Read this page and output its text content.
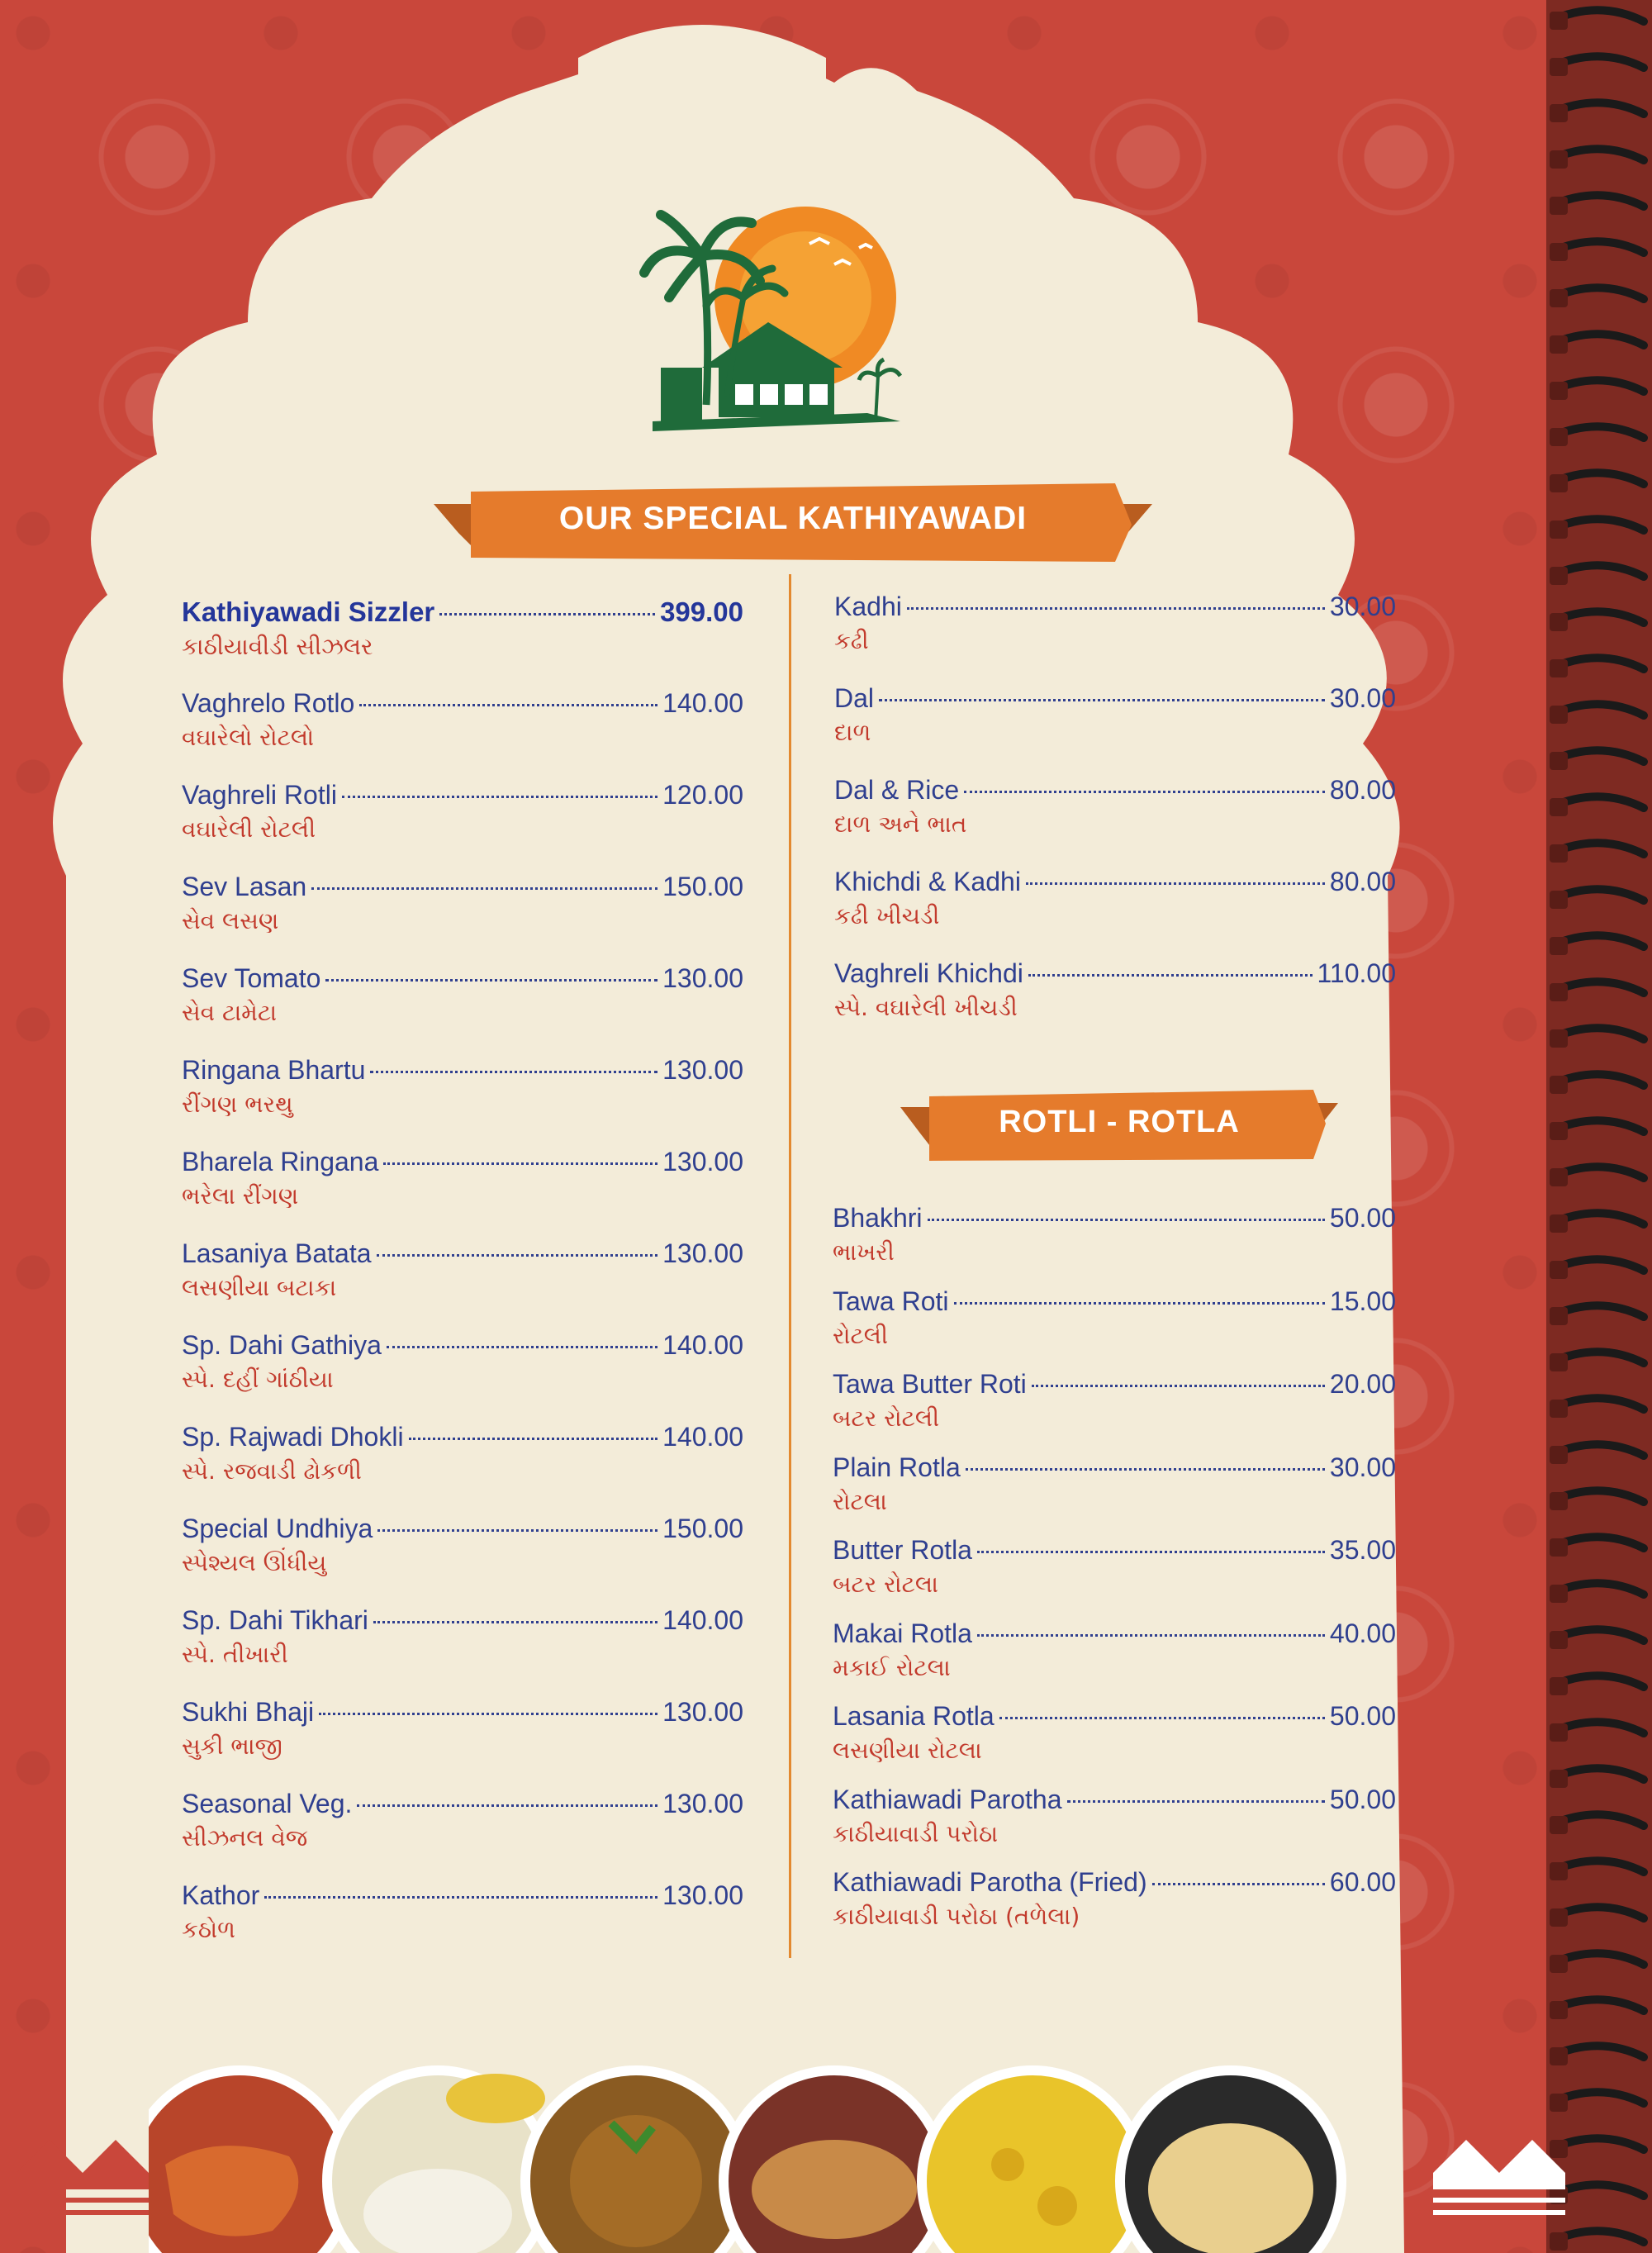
OUR SPECIAL KATHIYAWADI
Kathiyawadi Sizzler	399.00
કાઠીયાવીડી સીઝલર
Vaghrelo Rotlo	140.00
વઘારેલો રોટલો
Vaghreli Rotli	120.00
વઘારેલી રોટલી
Sev Lasan	150.00
સેવ લસણ
Sev Tomato	130.00
સેવ ટામેટા
Ringana Bhartu	130.00
રીંગણ ભરથુ
Bharela Ringana	130.00
ભરેલા રીંગણ
Lasaniya Batata	130.00
લસણીયા બટાકા
Sp. Dahi Gathiya	140.00
સ્પે. દહીં ગાંઠીયા
Sp. Rajwadi Dhokli	140.00
સ્પે. રજવાડી ઢોકળી
Special Undhiya	150.00
સ્પેશ્યલ ઊંધીયુ
Sp. Dahi Tikhari	140.00
સ્પે. તીખારી
Sukhi Bhaji	130.00
સુકી ભાજી
Seasonal Veg.	130.00
સીઝનલ વેજ
Kathor	130.00
કઠોળ
Kadhi	30.00
કઢી
Dal	30.00
દાળ
Dal & Rice	80.00
દાળ અને ભાત
Khichdi & Kadhi	80.00
કઢી ખીચડી
Vaghreli Khichdi	110.00
સ્પે. વઘારેલી ખીચડી
ROTLI - ROTLA
Bhakhri	50.00
ભાખરી
Tawa Roti	15.00
રોટલી
Tawa Butter Roti	20.00
બટર રોટલી
Plain Rotla	30.00
રોટલા
Butter Rotla	35.00
બટર રોટલા
Makai Rotla	40.00
મકાઈ રોટલા
Lasania Rotla	50.00
લસણીયા રોટલા
Kathiawadi Parotha	50.00
કાઠીયાવાડી પરોઠા
Kathiawadi Parotha (Fried)	60.00
કાઠીયાવાડી પરોઠા (તળેલા)
